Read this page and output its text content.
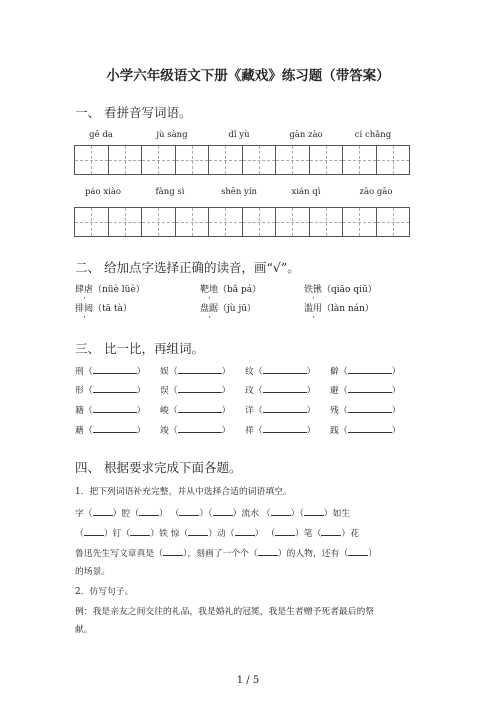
小学六年级语文下册《藏戏》练习题（带答案）
一、 看拼音写词语。
gē da	jù sàng	dǐ yù	gān zào	cí chǎng
páo xiào	fàng sì	shēn yín	xián qì	zāo gāo
二、 给加点字选择正确的读音，画“√”。
肆虐（nüè lüè）	靶地（bǎ pá）	铁锹（qiāo qiū）
排闼（tā tà）	盘踞（jù jū）	滥用（làn nán）
三、 比一比，再组词。
刑（	） 娱（	） 纹（	） 僻（	）
形（	） 误（	） 玟（	） 避（	）
籍（	） 峻（	） 详（	） 残（	）
藉（	） 竣（	） 祥（	） 践（	）
四、 根据要求完成下面各题。
1．把下列词语补充完整，并从中选择合适的词语填空。
字（ ）腔（ ） （ ）（ ）流水 （ ）（ ）如生
（ ）钉（ ）铁 惊（ ）动（ ） （ ）笔（ ）花
鲁迅先生写文章真是（ ），刻画了一个个（ ）的人物，还有（ ）
的场景。
2．仿写句子。
例：我是亲友之间交往的礼品，我是婚礼的冠冕，我是生者赠予死者最后的祭
献。
1 / 5
